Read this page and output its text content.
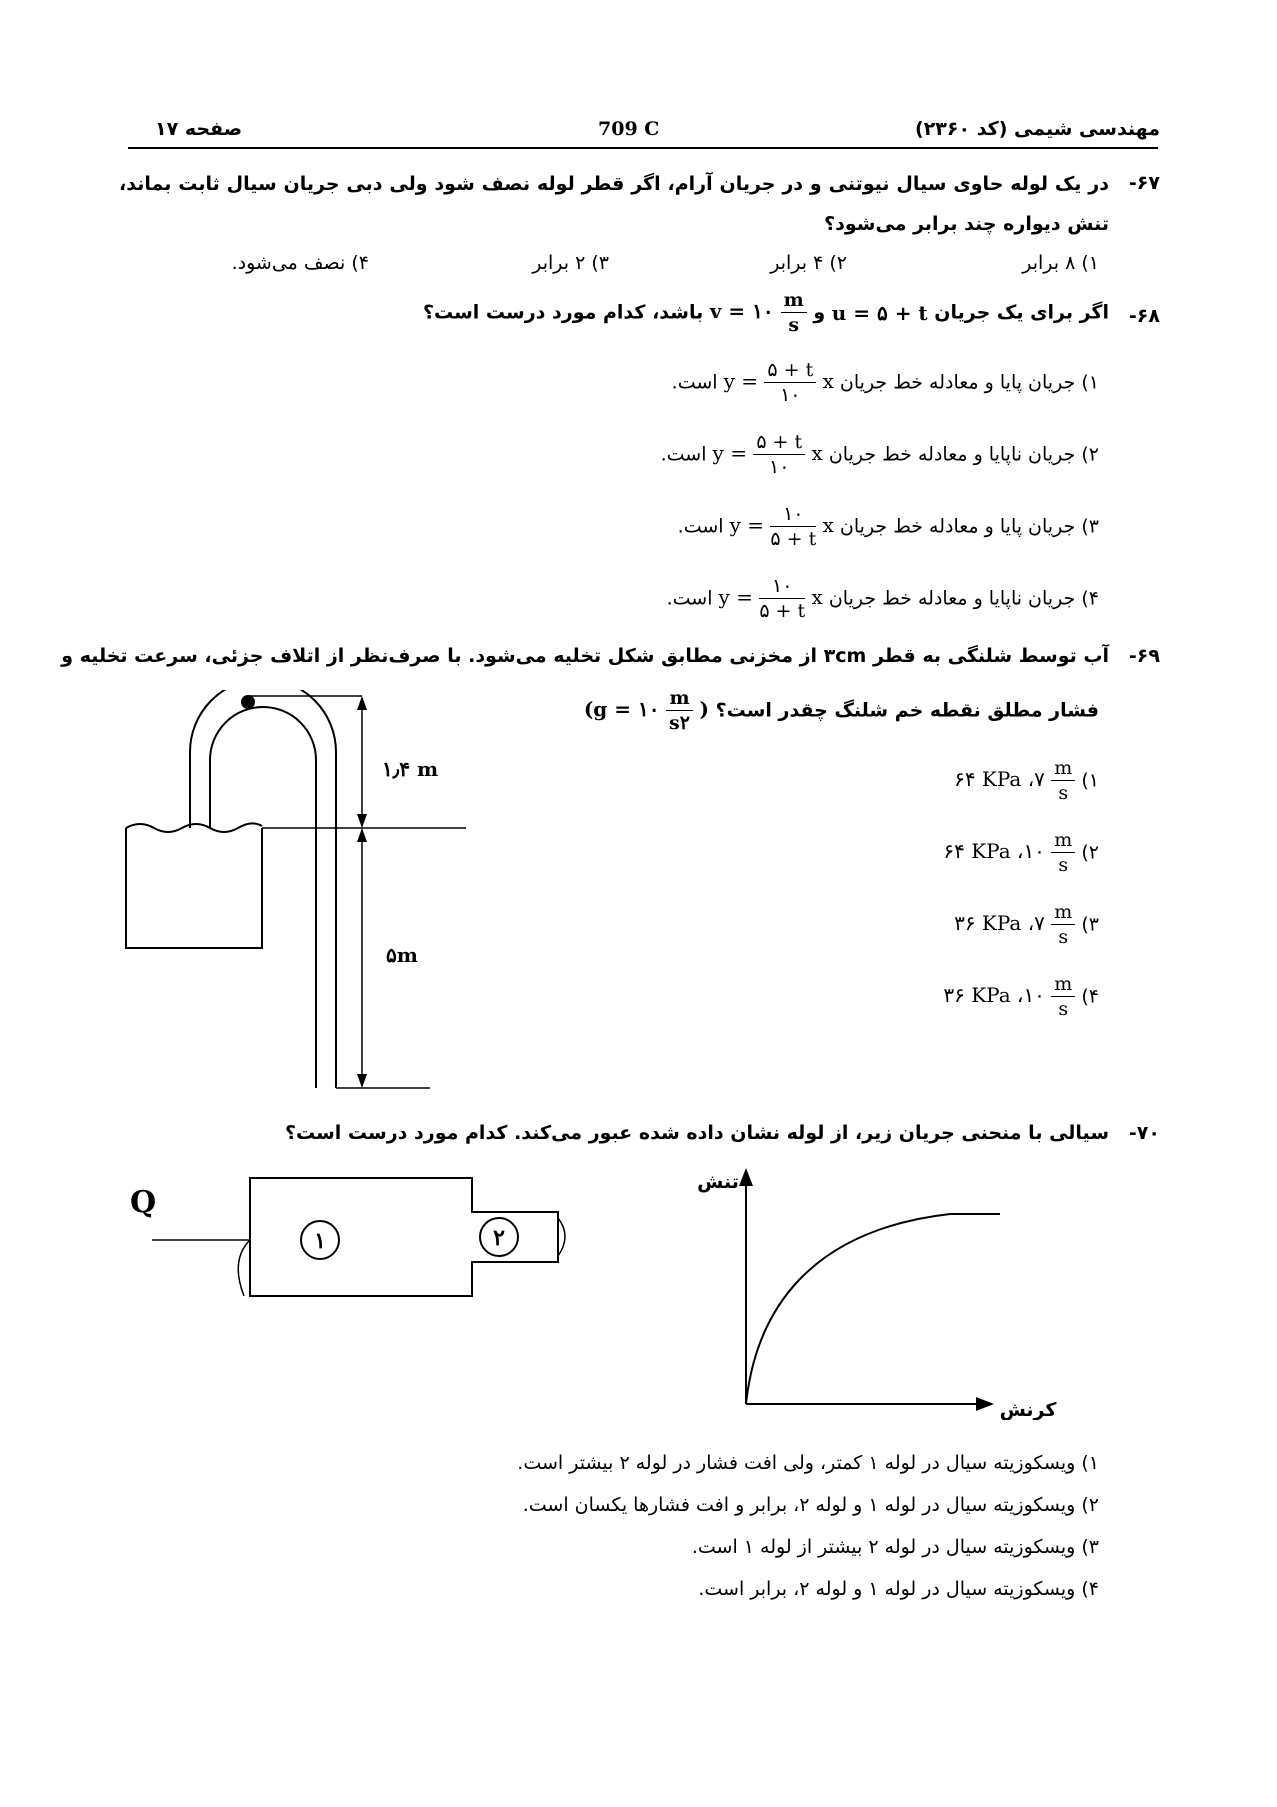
صفحه ۱۷	709 C	مهندسی شیمی (کد ۲۳۶۰)
-۶۷
در یک لوله حاوی سیال نیوتنی و در جریان آرام، اگر قطر لوله نصف شود ولی دبی جریان سیال ثابت بماند، تنش دیواره چند برابر می‌شود؟
۱) ۸ برابر
۲) ۴ برابر
۳) ۲ برابر
۴) نصف می‌شود.
-۶۸
اگر برای یک جریان u = ۵ + t و v = ۱۰ $\frac{m}{s}$
باشد، کدام مورد درست است؟
۱) جریان پایا و معادله خط جریان $y = \frac{۵ + t}{۱۰}$ x است.
۲) جریان ناپایا و معادله خط جریان $y = \frac{۵ + t}{۱۰}$ x است.
۳) جریان پایا و معادله خط جریان $y = \frac{۱۰}{۵ + t}$ x است.
۴) جریان ناپایا و معادله خط جریان $y = \frac{۱۰}{۵ + t}$ x است.
-۶۹
آب توسط شلنگی به قطر ۳cm از مخزنی مطابق شکل تخلیه می‌شود. با صرف‌نظر از اتلاف جزئی، سرعت تخلیه و
فشار مطلق نقطه خم شلنگ چقدر است؟ (g = ۱۰ $\frac{m}{s۲}$ )
۱٫۴ m
۵m
۱) ۶۴ KPa ،۷ $\frac{m}{s}$
۲) ۶۴ KPa ،۱۰ $\frac{m}{s}$
۳) ۳۶ KPa ،۷ $\frac{m}{s}$
۴) ۳۶ KPa ،۱۰ $\frac{m}{s}$
-۷۰
سیالی با منحنی جریان زیر، از لوله نشان داده شده عبور می‌کند. کدام مورد درست است؟
Q
۱	۲
تنش
کرنش
۱) ویسکوزیته سیال در لوله ۱ کمتر، ولی افت فشار در لوله ۲ بیشتر است.
۲) ویسکوزیته سیال در لوله ۱ و لوله ۲، برابر و افت فشارها یکسان است.
۳) ویسکوزیته سیال در لوله ۲ بیشتر از لوله ۱ است.
۴) ویسکوزیته سیال در لوله ۱ و لوله ۲، برابر است.
